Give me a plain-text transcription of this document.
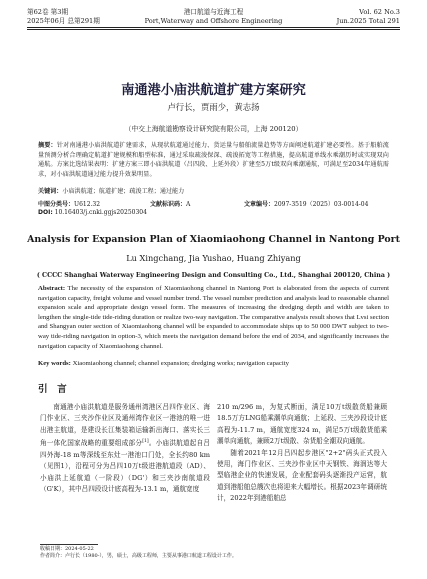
第62卷 第3期
2025年06月 总第291期
港口航道与近海工程
Port,Waterway and Offshore Engineering
Vol. 62 No.3
Jun.2025 Total 291
南通港小庙洪航道扩建方案研究
卢行长，贾雨少，黄志扬
（中交上海航道勘察设计研究院有限公司，上海 200120）
摘要：针对南通港小庙洪航道扩建需求，从现状航道通过能力、货运量与船舶流量趋势等方面阐述航道扩建必要性。基于船舶流量预测分析合理确定航道扩建规模和船型标准，通过采取疏浚保深、疏浚拓宽等工程措施，提高航道单线水乘潮历时或实现双向通航。方案比选结果表明：扩建方案三即小庙洪航道（吕四段、上延外段）扩建至5万t级双向乘潮通航，可满足至2034年通航需求，对小庙洪航道通过能力提升效果明显。
关键词：小庙洪航道；航道扩建；疏浚工程；通过能力
中图分类号：U612.32	文献标识码：A	文章编号：2097-3519（2025）03-0014-04
DOI: 10.16403/j.cnki.ggjs20250304
Analysis for Expansion Plan of Xiaomiaohong Channel in Nantong Port
Lu Xingchang, Jia Yushao, Huang Zhiyang
( CCCC Shanghai Waterway Engineering Design and Consulting Co., Ltd., Shanghai 200120, China )
Abstract: The necessity of the expansion of Xiaomiaohong channel in Nantong Port is elaborated from the aspects of current navigation capacity, freight volume and vessel number trend. The vessel number prediction and analysis lead to reasonable channel expansion scale and appropriate design vessel form. The measures of increasing the dredging depth and width are taken to lengthen the single-tide tide-riding duration or realize two-way navigation. The comparative analysis result shows that Lvsi section and Shangyan outer section of Xiaomiaohong channel will be expanded to accommodate ships up to 50 000 DWT subject to two-way tide-riding navigation in option-3, which meets the navigation demand before the end of 2034, and significantly increases the navigation capacity of Xiaomiaohong channel.
Key words: Xiaomiaohong channel; channel expansion; dredging works; navigation capacity
引　言
南通港小庙洪航道是服务通州湾港区吕四作业区、海门作业区、三夹沙作业区及通州湾作业区一港池的唯一进出港主航道，是建设长江集装箱运输新出海口、落实长三角一体化国家战略的重要组成部分[1]。小庙洪航道起自吕四外海-18 m等深线至东灶一港池口门处，全长约80 km（见图1），沿程可分为吕四10万t级进港航道段（AD）、小庙洪上延航道（一阶段）（DG'）和三夹沙南航道段（G'K），其中吕四段设计底高程为-13.1 m，通航宽度
210 m/296 m，为复式断面，满足10万t级散货船兼顾18.5万方LNG船乘潮单向通航；上延段、三夹沙段设计底高程为-11.7 m，通航宽度324 m，满足5万t级散货船乘潮单向通航，兼顾2万t级散、杂货船全潮双向通航。
随着2021年12月吕四起步港区"2+2"码头正式投入使用，海门作业区、三夹沙作业区中天钢铁、海润达等大型临港企业的快速发展，企业配套码头逐渐投产运营，航道到港船舶总艘次也将迎来大幅增长。根据2023年调研统计，2022年到港船舶总
收稿日期：2024-05-22
作者简介：卢行长（1980-），男，硕士，高级工程师，主要从事港口航道工程设计工作。
